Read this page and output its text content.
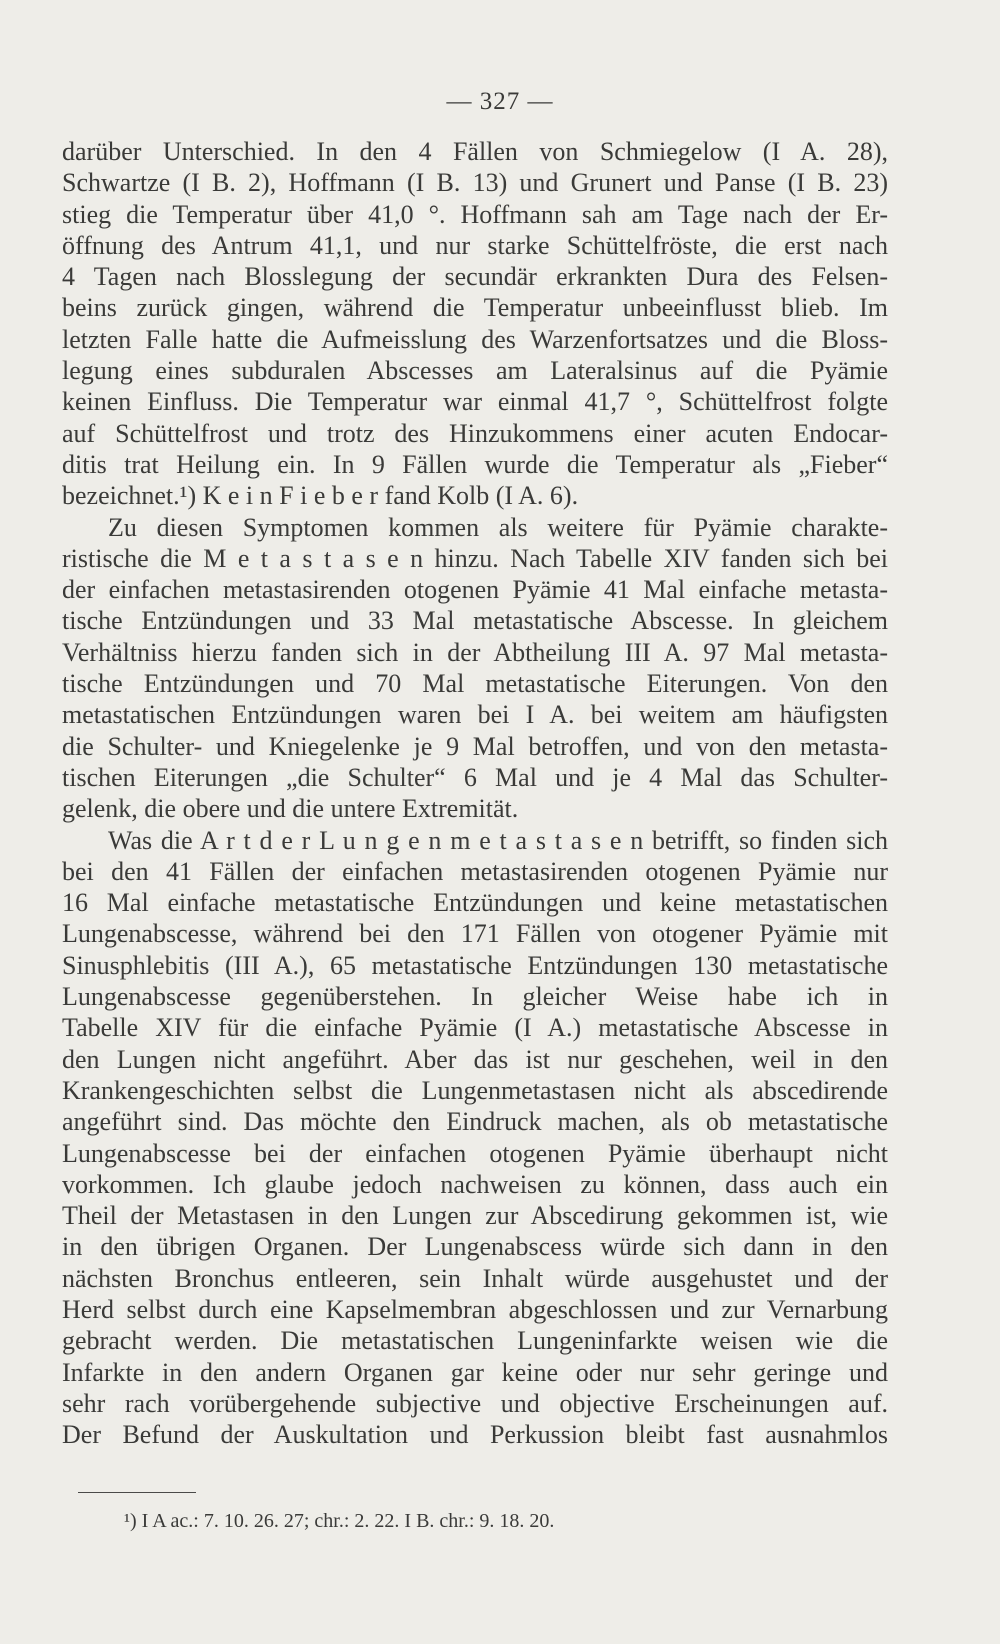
— 327 —
darüber Unterschied. In den 4 Fällen von Schmiegelow (I A. 28),
Schwartze (I B. 2), Hoffmann (I B. 13) und Grunert und Panse (I B. 23)
stieg die Temperatur über 41,0 °. Hoffmann sah am Tage nach der Er-
öffnung des Antrum 41,1, und nur starke Schüttelfröste, die erst nach
4 Tagen nach Blosslegung der secundär erkrankten Dura des Felsen-
beins zurück gingen, während die Temperatur unbeeinflusst blieb. Im
letzten Falle hatte die Aufmeisslung des Warzenfortsatzes und die Bloss-
legung eines subduralen Abscesses am Lateralsinus auf die Pyämie
keinen Einfluss. Die Temperatur war einmal 41,7 °, Schüttelfrost folgte
auf Schüttelfrost und trotz des Hinzukommens einer acuten Endocar-
ditis trat Heilung ein. In 9 Fällen wurde die Temperatur als „Fieber“
bezeichnet.¹) K e i n F i e b e r fand Kolb (I A. 6).
Zu diesen Symptomen kommen als weitere für Pyämie charakte-
ristische die M e t a s t a s e n hinzu. Nach Tabelle XIV fanden sich bei
der einfachen metastasirenden otogenen Pyämie 41 Mal einfache metasta-
tische Entzündungen und 33 Mal metastatische Abscesse. In gleichem
Verhältniss hierzu fanden sich in der Abtheilung III A. 97 Mal metasta-
tische Entzündungen und 70 Mal metastatische Eiterungen. Von den
metastatischen Entzündungen waren bei I A. bei weitem am häufigsten
die Schulter- und Kniegelenke je 9 Mal betroffen, und von den metasta-
tischen Eiterungen „die Schulter“ 6 Mal und je 4 Mal das Schulter-
gelenk, die obere und die untere Extremität.
Was die A r t d e r L u n g e n m e t a s t a s e n betrifft, so finden sich
bei den 41 Fällen der einfachen metastasirenden otogenen Pyämie nur
16 Mal einfache metastatische Entzündungen und keine metastatischen
Lungenabscesse, während bei den 171 Fällen von otogener Pyämie mit
Sinusphlebitis (III A.), 65 metastatische Entzündungen 130 metastatische
Lungenabscesse gegenüberstehen. In gleicher Weise habe ich in
Tabelle XIV für die einfache Pyämie (I A.) metastatische Abscesse in
den Lungen nicht angeführt. Aber das ist nur geschehen, weil in den
Krankengeschichten selbst die Lungenmetastasen nicht als abscedirende
angeführt sind. Das möchte den Eindruck machen, als ob metastatische
Lungenabscesse bei der einfachen otogenen Pyämie überhaupt nicht
vorkommen. Ich glaube jedoch nachweisen zu können, dass auch ein
Theil der Metastasen in den Lungen zur Abscedirung gekommen ist, wie
in den übrigen Organen. Der Lungenabscess würde sich dann in den
nächsten Bronchus entleeren, sein Inhalt würde ausgehustet und der
Herd selbst durch eine Kapselmembran abgeschlossen und zur Vernarbung
gebracht werden. Die metastatischen Lungeninfarkte weisen wie die
Infarkte in den andern Organen gar keine oder nur sehr geringe und
sehr rach vorübergehende subjective und objective Erscheinungen auf.
Der Befund der Auskultation und Perkussion bleibt fast ausnahmlos
¹) I A ac.: 7. 10. 26. 27; chr.: 2. 22. I B. chr.: 9. 18. 20.
